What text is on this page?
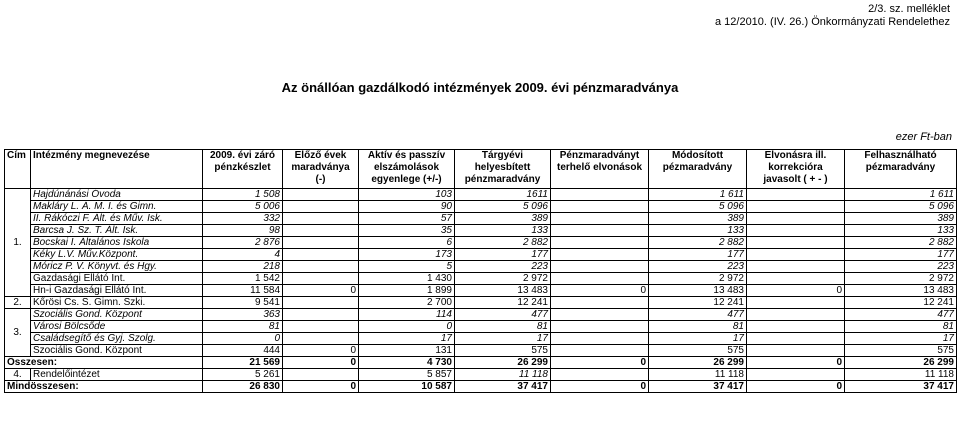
2/3. sz. melléklet
a 12/2010. (IV. 26.) Önkormányzati Rendelethez
Az önállóan gazdálkodó intézmények 2009. évi pénzmaradványa
ezer Ft-ban
Cím	Intézmény megnevezése	2009. évi záró pénzkészlet	Előző évek maradványa (-)	Aktív és passzív elszámolások egyenlege (+/-)	Tárgyévi helyesbített pénzmaradvány	Pénzmaradványt terhelő elvonások	Módosított pézmaradvány	Elvonásra ill. korrekcióra javasolt ( + - )	Felhasználható pézmaradvány
1.	Hajdúnánási Óvoda	1 508		103	1611		1 611		1 611
	Makláry L. Á. M. I. és Gimn.	5 006		90	5 096		5 096		5 096
	II. Rákóczi F. Ált. és Műv. Isk.	332		57	389		389		389
	Barcsa J. Sz. T. Ált. Isk.	98		35	133		133		133
	Bocskai I. Általános Iskola	2 876		6	2 882		2 882		2 882
	Kéky L.V. Műv.Központ.	4		173	177		177		177
	Móricz P. V. Könyvt. és Hgy.	218		5	223		223		223
	Gazdasági Ellátó Int.	1 542		1 430	2 972		2 972		2 972
	Hn-i Gazdasági Ellátó Int.	11 584	0	1 899	13 483	0	13 483	0	13 483
2.	Kőrösi Cs. S. Gimn. Szki.	9 541		2 700	12 241		12 241		12 241
3.	Szociális Gond. Központ	363		114	477		477		477
	Városi Bölcsőde	81		0	81		81		81
	Családsegítő és Gyj. Szolg.	0		17	17		17		17
	Szociális Gond. Központ	444	0	131	575		575		575
Összesen:		21 569	0	4 730	26 299	0	26 299	0	26 299
4.	Rendelőintézet	5 261		5 857	11 118		11 118		11 118
Mindösszesen:		26 830	0	10 587	37 417	0	37 417	0	37 417
